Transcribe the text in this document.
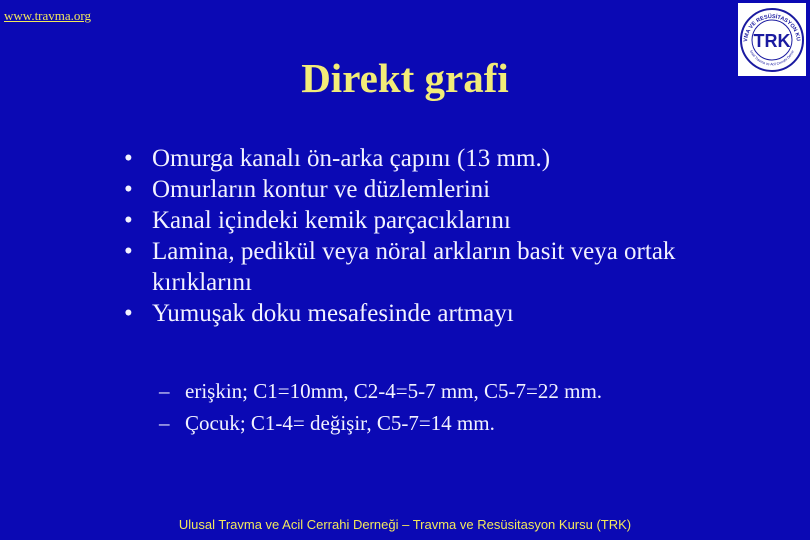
www.travma.org
VMA VE RESÜSİTASYON KU
lusal Travma ve Acil Cerrahi Derne
TRK
Direkt grafi
• Omurga kanalı ön-arka çapını (13 mm.)
• Omurların kontur ve düzlemlerini
• Kanal içindeki kemik parçacıklarını
• Lamina, pedikül veya nöral arkların basit veya ortak kırıklarını
• Yumuşak doku mesafesinde artmayı
– erişkin; C1=10mm, C2-4=5-7 mm, C5-7=22 mm.
– Çocuk; C1-4= değişir, C5-7=14 mm.
Ulusal Travma ve Acil Cerrahi Derneği – Travma ve Resüsitasyon Kursu (TRK)
